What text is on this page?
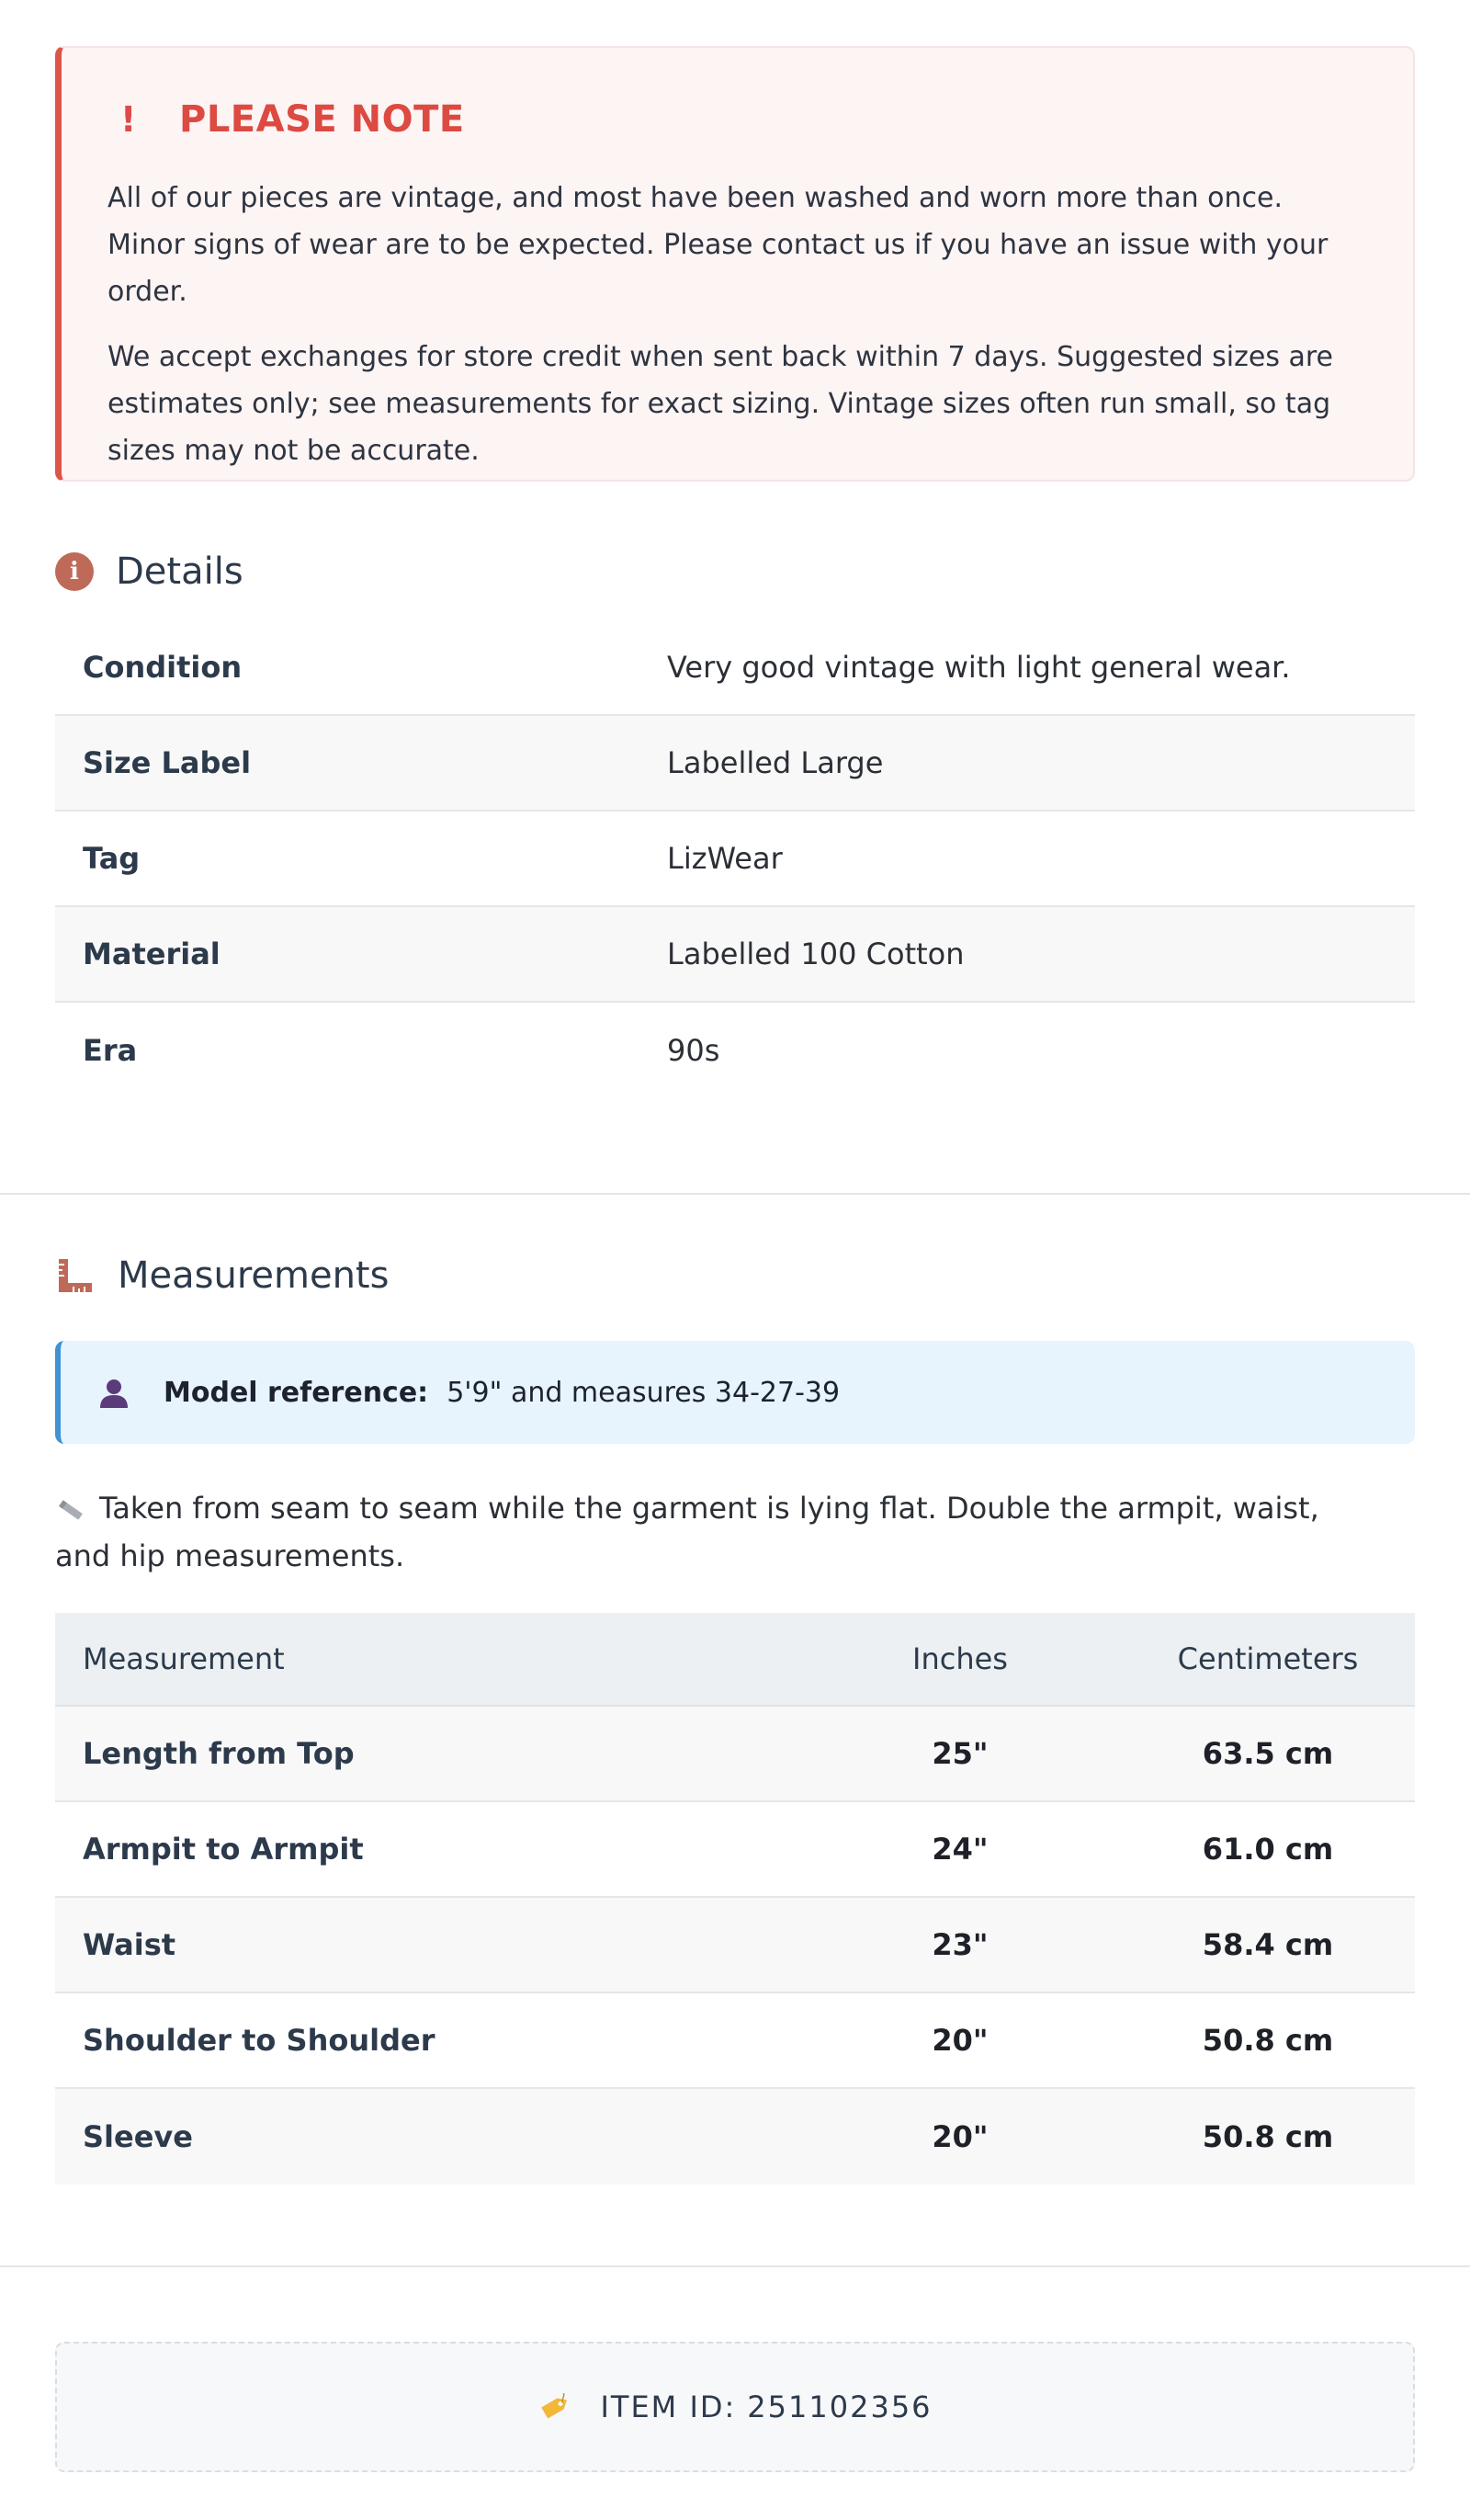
!	PLEASE NOTE

All of our pieces are vintage, and most have been washed and worn more than once. Minor signs of wear are to be expected. Please contact us if you have an issue with your order.

We accept exchanges for store credit when sent back within 7 days. Suggested sizes are estimates only; see measurements for exact sizing. Vintage sizes often run small, so tag sizes may not be accurate.

i	Details
Condition	Very good vintage with light general wear.
Size Label	Labelled Large
Tag	LizWear
Material	Labelled 100 Cotton
Era	90s
Measurements
Model reference: 5'9" and measures 34-27-39
Taken from seam to seam while the garment is lying flat. Double the armpit, waist, and hip measurements.
Measurement	Inches	Centimeters
Length from Top	25"	63.5 cm
Armpit to Armpit	24"	61.0 cm
Waist	23"	58.4 cm
Shoulder to Shoulder	20"	50.8 cm
Sleeve	20"	50.8 cm
ITEM ID: 251102356
